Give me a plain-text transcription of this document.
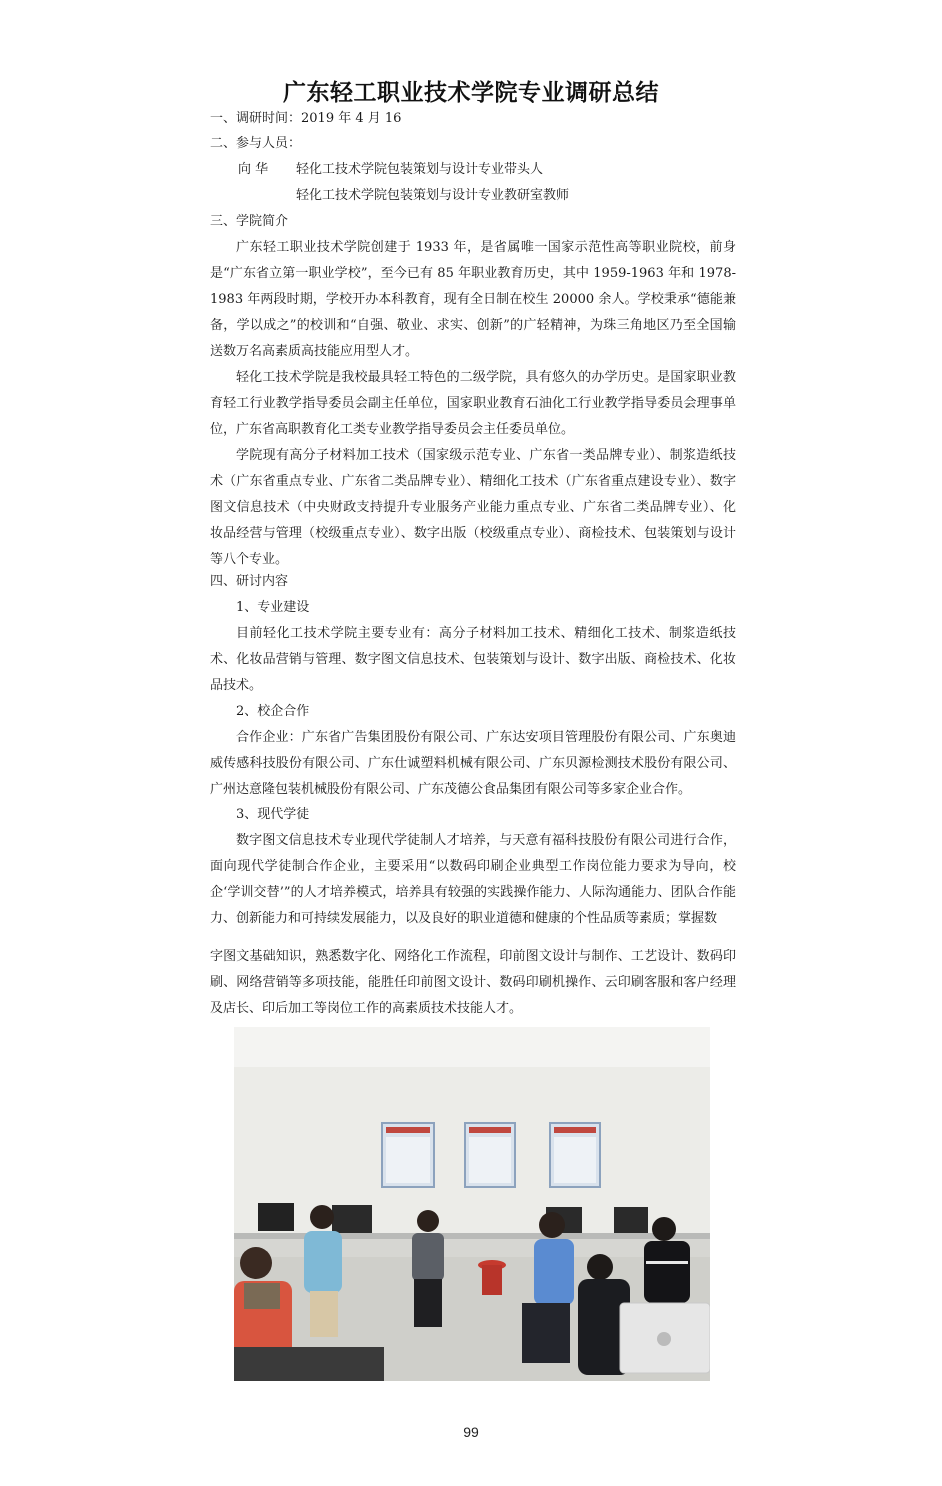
广东轻工职业技术学院专业调研总结
一、调研时间：2019 年 4 月 16
二、参与人员：
向 华 轻化工技术学院包装策划与设计专业带头人
轻化工技术学院包装策划与设计专业教研室教师
三、学院简介

广东轻工职业技术学院创建于 1933 年，是省属唯一国家示范性高等职业院校，前身是“广东省立第一职业学校”，至今已有 85 年职业教育历史，其中 1959-1963 年和 1978-1983 年两段时期，学校开办本科教育，现有全日制在校生 20000 余人。学校秉承“德能兼备，学以成之”的校训和“自强、敬业、求实、创新”的广轻精神，为珠三角地区乃至全国输送数万名高素质高技能应用型人才。

轻化工技术学院是我校最具轻工特色的二级学院，具有悠久的办学历史。是国家职业教育轻工行业教学指导委员会副主任单位，国家职业教育石油化工行业教学指导委员会理事单位，广东省高职教育化工类专业教学指导委员会主任委员单位。

学院现有高分子材料加工技术（国家级示范专业、广东省一类品牌专业）、制浆造纸技术（广东省重点专业、广东省二类品牌专业）、精细化工技术（广东省重点建设专业）、数字图文信息技术（中央财政支持提升专业服务产业能力重点专业、广东省二类品牌专业）、化妆品经营与管理（校级重点专业）、数字出版（校级重点专业）、商检技术、包装策划与设计等八个专业。

四、研讨内容
1、专业建设

目前轻化工技术学院主要专业有：高分子材料加工技术、精细化工技术、制浆造纸技术、化妆品营销与管理、数字图文信息技术、包装策划与设计、数字出版、商检技术、化妆品技术。

2、校企合作

合作企业：广东省广告集团股份有限公司、广东达安项目管理股份有限公司、广东奥迪威传感科技股份有限公司、广东仕诚塑料机械有限公司、广东贝源检测技术股份有限公司、广州达意隆包装机械股份有限公司、广东茂德公食品集团有限公司等多家企业合作。

3、现代学徒

数字图文信息技术专业现代学徒制人才培养，与天意有福科技股份有限公司进行合作，面向现代学徒制合作企业，主要采用“以数码印刷企业典型工作岗位能力要求为导向，校企‘学训交替’”的人才培养模式，培养具有较强的实践操作能力、人际沟通能力、团队合作能力、创新能力和可持续发展能力，以及良好的职业道德和健康的个性品质等素质；掌握数

字图文基础知识，熟悉数字化、网络化工作流程，印前图文设计与制作、工艺设计、数码印刷、网络营销等多项技能，能胜任印前图文设计、数码印刷机操作、云印刷客服和客户经理及店长、印后加工等岗位工作的高素质技术技能人才。

99
